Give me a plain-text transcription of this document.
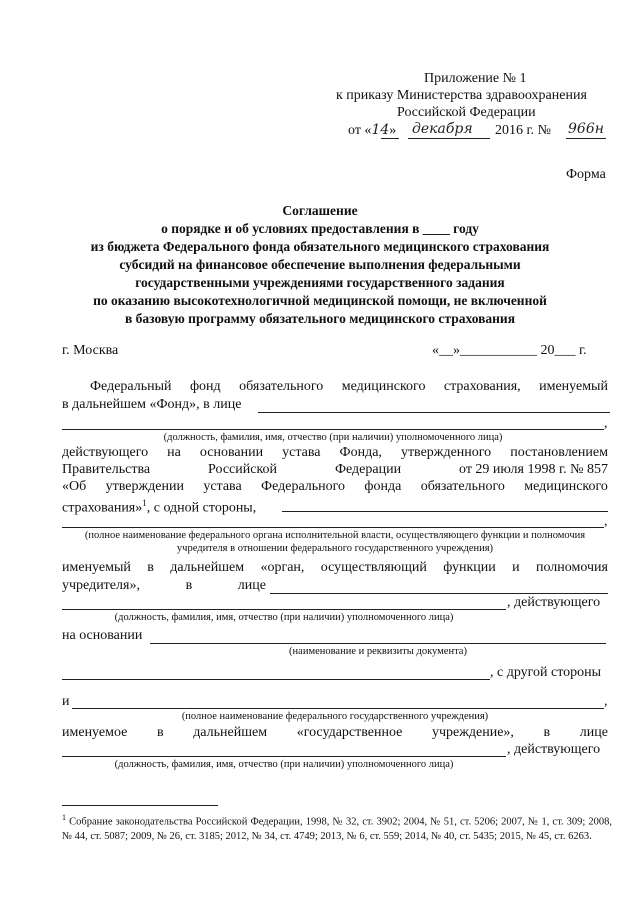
Приложение № 1
к приказу Министерства здравоохранения
Российской Федерации
от «14» декабря 2016 г. № 966н
Форма
Соглашение
о порядке и об условиях предоставления в ____ году
из бюджета Федерального фонда обязательного медицинского страхования
субсидий на финансовое обеспечение выполнения федеральными
государственными учреждениями государственного задания
по оказанию высокотехнологичной медицинской помощи, не включенной
в базовую программу обязательного медицинского страхования
г. Москва	«__»___________ 20___ г.
Федеральный фонд обязательного медицинского страхования, именуемый
в дальнейшем «Фонд», в лице
,
(должность, фамилия, имя, отчество (при наличии) уполномоченного лица)
действующего на основании устава Фонда, утвержденного постановлением
Правительства	Российской	Федерации	от 29 июля 1998 г. № 857
«Об утверждении устава Федерального фонда обязательного медицинского
страхования»$^1$, с одной стороны,
,
(полное наименование федерального органа исполнительной власти, осуществляющего функции и полномочия
учредителя в отношении федерального государственного учреждения)
именуемый в дальнейшем «орган, осуществляющий функции и полномочия
учредителя»,	в	лице
, действующего
(должность, фамилия, имя, отчество (при наличии) уполномоченного лица)
на основании
(наименование и реквизиты документа)
, с другой стороны
и	,
(полное наименование федерального государственного учреждения)
именуемое в дальнейшем «государственное учреждение», в лице
, действующего
(должность, фамилия, имя, отчество (при наличии) уполномоченного лица)
$^1$ Собрание законодательства Российской Федерации, 1998, № 32, ст. 3902; 2004, № 51, ст. 5206; 2007, № 1, ст. 309; 2008, № 44, ст. 5087; 2009, № 26, ст. 3185; 2012, № 34, ст. 4749; 2013, № 6, ст. 559; 2014, № 40, ст. 5435; 2015, № 45, ст. 6263.
